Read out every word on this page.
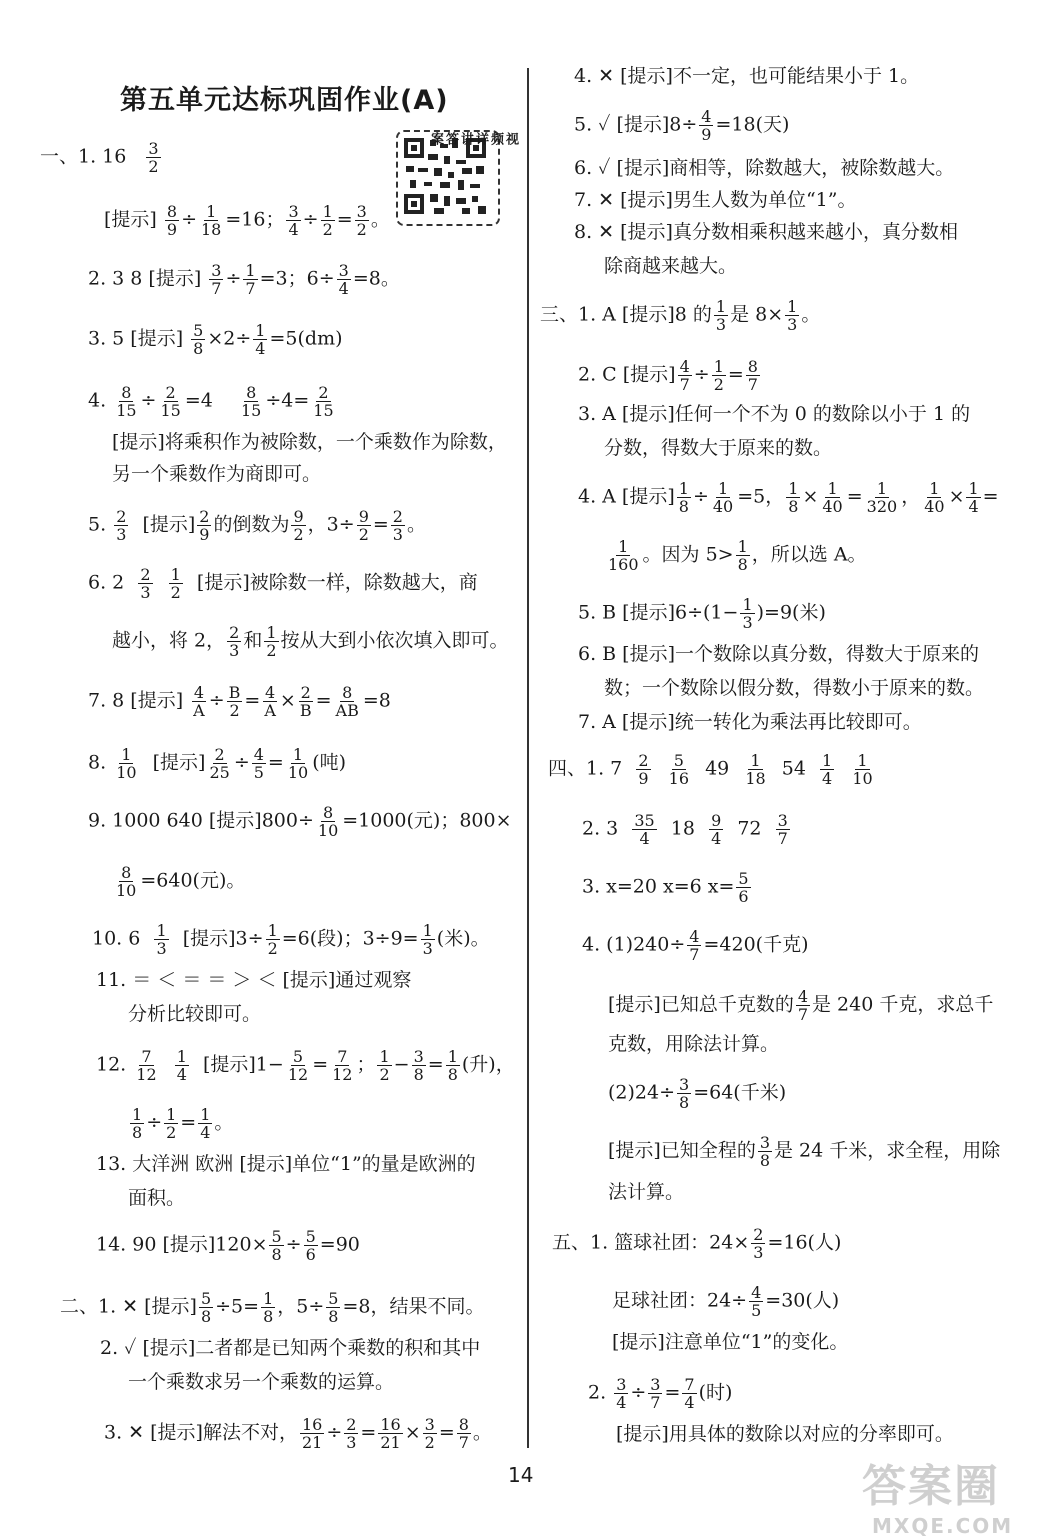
第五单元达标巩固作业(A)
视频详讲答案
一、1. $16 \frac{3}{2}$
[提示] $\frac{8}{9} \div \frac{1}{18} =16$； $\frac{3}{4} \div \frac{1}{2} = \frac{3}{2}$ 。
2. 3 8 [提示] $\frac{3}{7} \div \frac{1}{7} =3$；$6\div \frac{3}{4} =8$。
3. 5 [提示] $\frac{5}{8} \times 2\div \frac{1}{4} =5(dm)$
4. $\frac{8}{15} \div \frac{2}{15} =4 \frac{8}{15} \div 4= \frac{2}{15}$
[提示]将乘积作为被除数，一个乘数作为除数，
另一个乘数作为商即可。
5. $\frac{2}{3}$ [提示] $\frac{2}{9}$ 的倒数为 $\frac{9}{2}$ ，$3\div \frac{9}{2} = \frac{2}{3}$ 。
6. $2 \frac{2}{3}$
$\frac{1}{2}$ [提示]被除数一样，除数越大，商
越小，将 2， $\frac{2}{3}$ 和 $\frac{1}{2}$ 按从大到小依次填入即可。
7. 8 [提示] $\frac{4}{A} \div \frac{B}{2} = \frac{4}{A} \times \frac{2}{B} = \frac{8}{AB} =8$
8. $\frac{1}{10}$ [提示] $\frac{2}{25} \div \frac{4}{5} = \frac{1}{10}$ (吨)
9. 1000 640 [提示]$800\div \frac{8}{10} =1000$(元)；800×
$\frac{8}{10} =640$(元)。
10. $6 \frac{1}{3}$ [提示]$3\div \frac{1}{2} =6$(段)；$3\div 9= \frac{1}{3}$ (米)。
11. ＝ ＜ ＝ ＝ ＞ ＜ [提示]通过观察
分析比较即可。
12. $\frac{7}{12}$
$\frac{1}{4}$ [提示]$1- \frac{5}{12} = \frac{7}{12}$ ； $\frac{1}{2} - \frac{3}{8} = \frac{1}{8}$ (升)，
$\frac{1}{8} \div \frac{1}{2} = \frac{1}{4}$ 。
13. 大洋洲 欧洲 [提示]单位“1”的量是欧洲的
面积。
14. 90 [提示]$120\times \frac{5}{8} \div \frac{5}{6} =90$
二、1. ✕ [提示] $\frac{5}{8} \div 5= \frac{1}{8}$ ，$5\div \frac{5}{8} =8$，结果不同。
2. ✓ [提示]二者都是已知两个乘数的积和其中
一个乘数求另一个乘数的运算。
3. ✕ [提示]解法不对， $\frac{16}{21} \div \frac{2}{3} = \frac{16}{21} \times \frac{3}{2} = \frac{8}{7}$ 。
4. ✕ [提示]不一定，也可能结果小于 1。
5. ✓ [提示]$8\div \frac{4}{9} =18$(天)
6. ✓ [提示]商相等，除数越大，被除数越大。
7. ✕ [提示]男生人数为单位“1”。
8. ✕ [提示]真分数相乘积越来越小，真分数相
除商越来越大。
三、1. A [提示]8 的 $\frac{1}{3}$ 是 $8\times \frac{1}{3}$ 。
2. C [提示] $\frac{4}{7} \div \frac{1}{2} = \frac{8}{7}$
3. A [提示]任何一个不为 0 的数除以小于 1 的
分数，得数大于原来的数。
4. A [提示] $\frac{1}{8} \div \frac{1}{40} =5$， $\frac{1}{8} \times \frac{1}{40} = \frac{1}{320}$ ， $\frac{1}{40} \times \frac{1}{4}$ =
$\frac{1}{160}$ 。因为 $5> \frac{1}{8}$ ，所以选 A。
5. B [提示]$6\div(1- \frac{1}{3} )=9$(米)
6. B [提示]一个数除以真分数，得数大于原来的
数；一个数除以假分数，得数小于原来的数。
7. A [提示]统一转化为乘法再比较即可。
四、1. $7 \frac{2}{9}$
$\frac{5}{16} 49 \frac{1}{18} 54 \frac{1}{4}$
$\frac{1}{10}$
2. $3 \frac{35}{4} 18 \frac{9}{4} 72 \frac{3}{7}$
3. x=20 x=6 $x= \frac{5}{6}$
4. $(1)240\div \frac{4}{7} =420$(千克)
[提示]已知总千克数的 $\frac{4}{7}$ 是 240 千克，求总千
克数，用除法计算。
$(2)24\div \frac{3}{8} =64$(千米)
[提示]已知全程的 $\frac{3}{8}$ 是 24 千米，求全程，用除
法计算。
五、1. 篮球社团：$24\times \frac{2}{3} =16$(人)
足球社团：$24\div \frac{4}{5} =30$(人)
[提示]注意单位“1”的变化。
2. $\frac{3}{4} \div \frac{3}{7} = \frac{7}{4}$ (时)
[提示]用具体的数除以对应的分率即可。
14	答案圈
MXQE.COM
